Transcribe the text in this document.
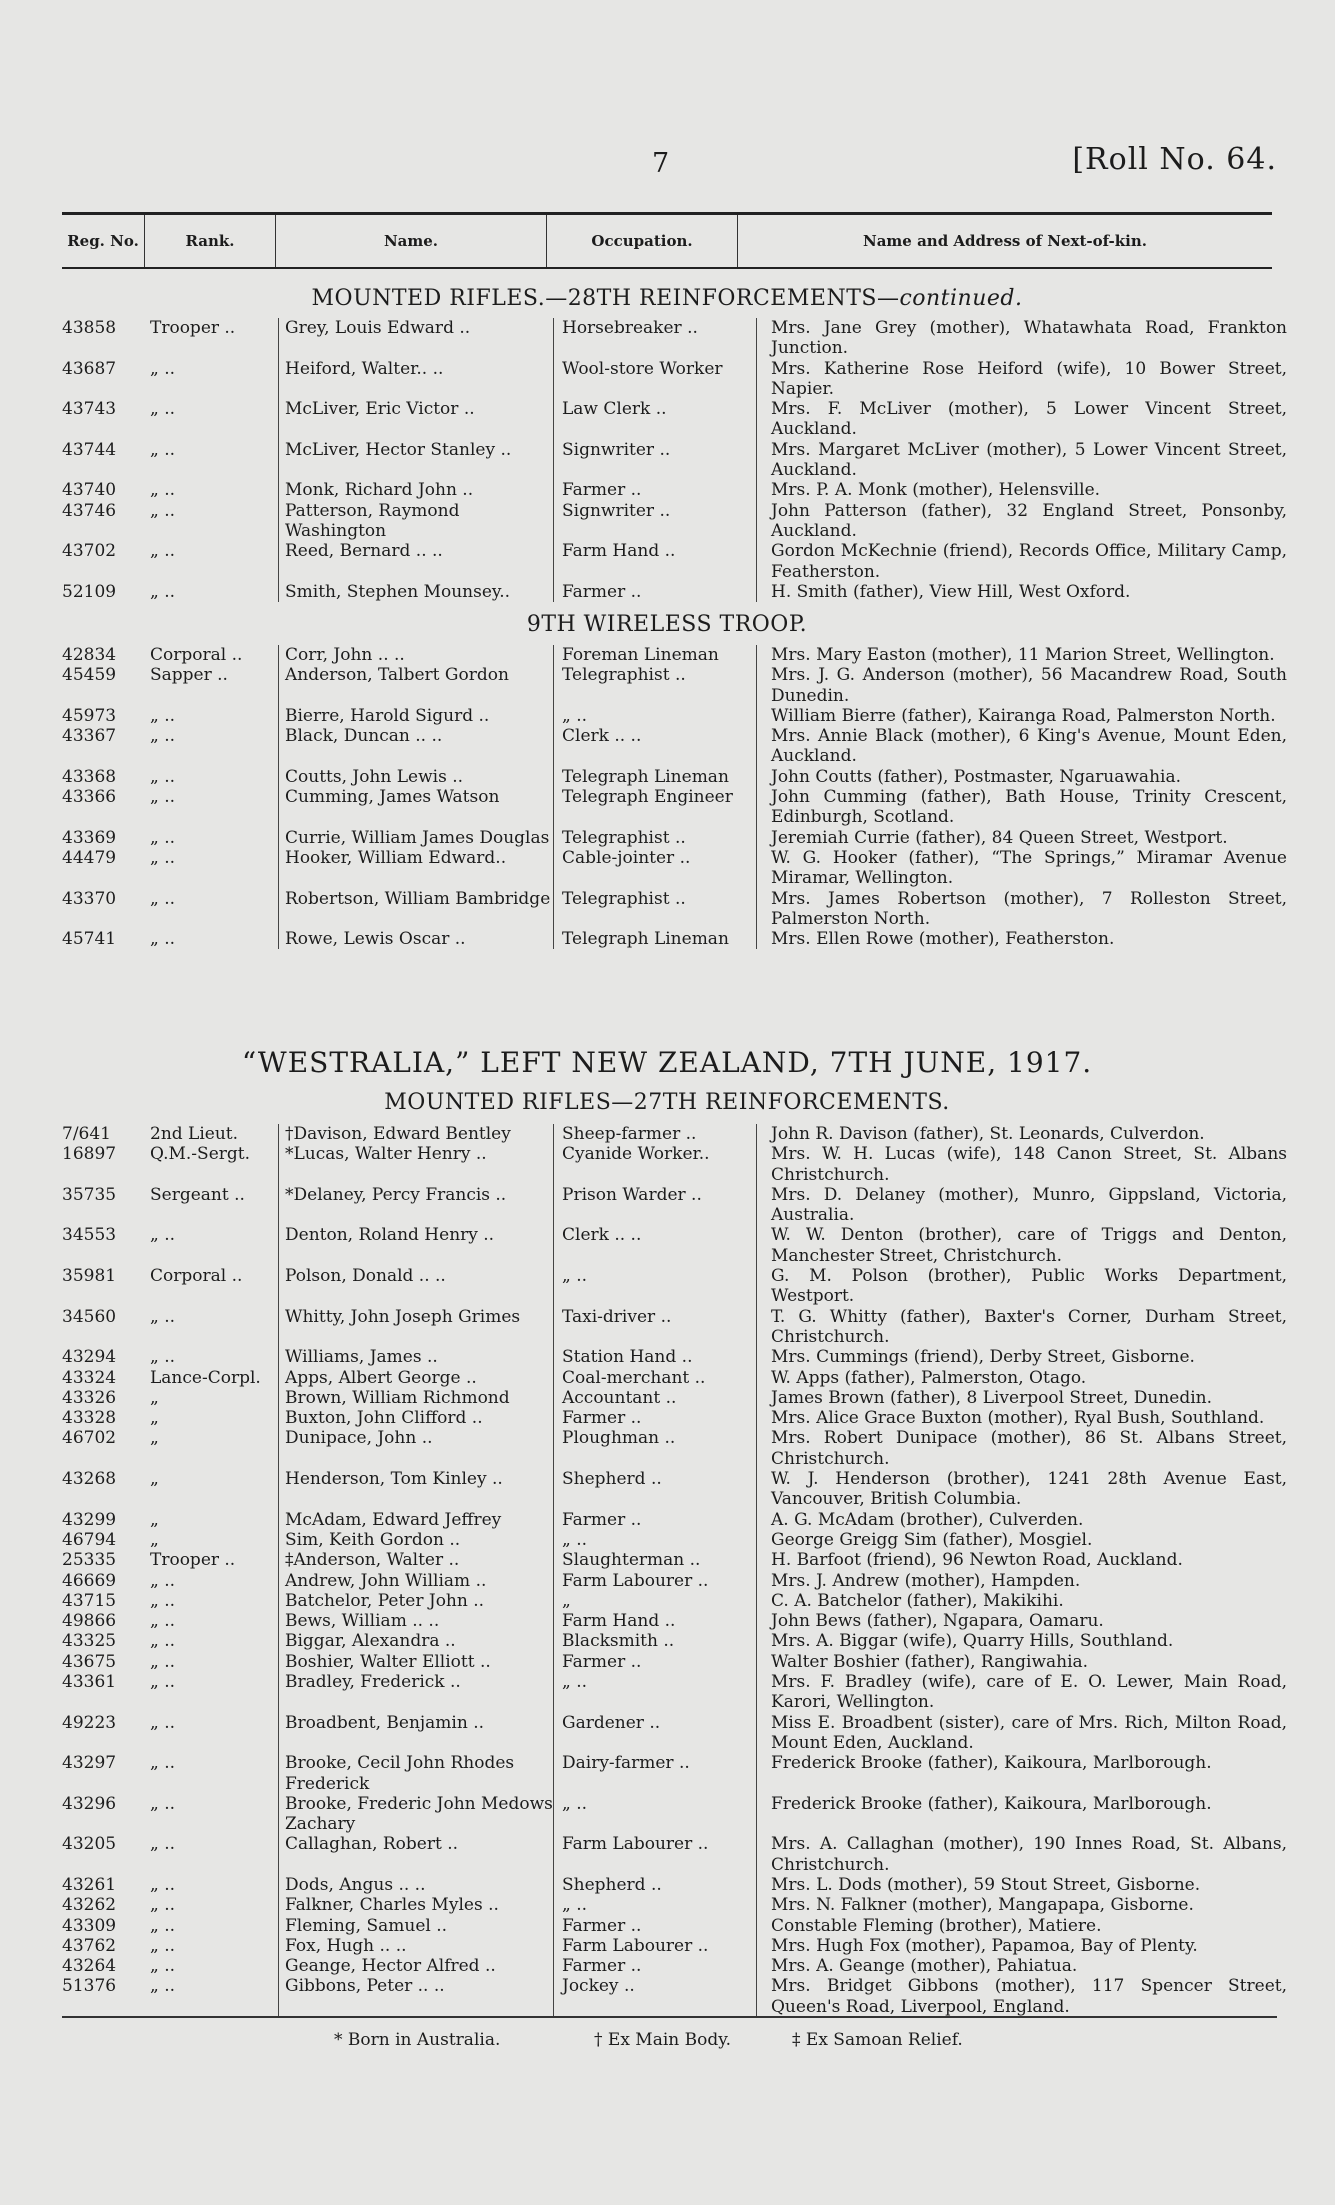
7	[Roll No. 64.
Reg. No.	Rank.	Name.	Occupation.	Name and Address of Next-of-kin.
MOUNTED RIFLES.—28TH REINFORCEMENTS—continued.
43858	Trooper ..	Grey, Louis Edward ..	Horsebreaker ..	Mrs. Jane Grey (mother), Whatawhata Road, Frankton Junction.
43687	„ ..	Heiford, Walter.. ..	Wool-store Worker	Mrs. Katherine Rose Heiford (wife), 10 Bower Street, Napier.
43743	„ ..	McLiver, Eric Victor ..	Law Clerk ..	Mrs. F. McLiver (mother), 5 Lower Vincent Street, Auckland.
43744	„ ..	McLiver, Hector Stanley ..	Signwriter ..	Mrs. Margaret McLiver (mother), 5 Lower Vincent Street, Auckland.
43740	„ ..	Monk, Richard John ..	Farmer ..	Mrs. P. A. Monk (mother), Helensville.
43746	„ ..	Patterson, Raymond Washington	Signwriter ..	John Patterson (father), 32 England Street, Ponsonby, Auckland.
43702	„ ..	Reed, Bernard .. ..	Farm Hand ..	Gordon McKechnie (friend), Records Office, Military Camp, Featherston.
52109	„ ..	Smith, Stephen Mounsey..	Farmer ..	H. Smith (father), View Hill, West Oxford.
9TH WIRELESS TROOP.
42834	Corporal ..	Corr, John .. ..	Foreman Lineman	Mrs. Mary Easton (mother), 11 Marion Street, Wellington.
45459	Sapper ..	Anderson, Talbert Gordon	Telegraphist ..	Mrs. J. G. Anderson (mother), 56 Macandrew Road, South Dunedin.
45973	„ ..	Bierre, Harold Sigurd ..	„ ..	William Bierre (father), Kairanga Road, Palmerston North.
43367	„ ..	Black, Duncan .. ..	Clerk .. ..	Mrs. Annie Black (mother), 6 King's Avenue, Mount Eden, Auckland.
43368	„ ..	Coutts, John Lewis ..	Telegraph Lineman	John Coutts (father), Postmaster, Ngaruawahia.
43366	„ ..	Cumming, James Watson	Telegraph Engineer	John Cumming (father), Bath House, Trinity Crescent, Edinburgh, Scotland.
43369	„ ..	Currie, William James Douglas	Telegraphist ..	Jeremiah Currie (father), 84 Queen Street, Westport.
44479	„ ..	Hooker, William Edward..	Cable-jointer ..	W. G. Hooker (father), “The Springs,” Miramar Avenue Miramar, Wellington.
43370	„ ..	Robertson, William Bambridge	Telegraphist ..	Mrs. James Robertson (mother), 7 Rolleston Street, Palmerston North.
45741	„ ..	Rowe, Lewis Oscar ..	Telegraph Lineman	Mrs. Ellen Rowe (mother), Featherston.
“WESTRALIA,” LEFT NEW ZEALAND, 7TH JUNE, 1917.
MOUNTED RIFLES—27TH REINFORCEMENTS.
7/641	2nd Lieut.	†Davison, Edward Bentley	Sheep-farmer ..	John R. Davison (father), St. Leonards, Culverdon.
16897	Q.M.-Sergt.	*Lucas, Walter Henry ..	Cyanide Worker..	Mrs. W. H. Lucas (wife), 148 Canon Street, St. Albans Christchurch.
35735	Sergeant ..	*Delaney, Percy Francis ..	Prison Warder ..	Mrs. D. Delaney (mother), Munro, Gippsland, Victoria, Australia.
34553	„ ..	Denton, Roland Henry ..	Clerk .. ..	W. W. Denton (brother), care of Triggs and Denton, Manchester Street, Christchurch.
35981	Corporal ..	Polson, Donald .. ..	„ ..	G. M. Polson (brother), Public Works Department, Westport.
34560	„ ..	Whitty, John Joseph Grimes	Taxi-driver ..	T. G. Whitty (father), Baxter's Corner, Durham Street, Christchurch.
43294	„ ..	Williams, James ..	Station Hand ..	Mrs. Cummings (friend), Derby Street, Gisborne.
43324	Lance-Corpl.	Apps, Albert George ..	Coal-merchant ..	W. Apps (father), Palmerston, Otago.
43326	„	Brown, William Richmond	Accountant ..	James Brown (father), 8 Liverpool Street, Dunedin.
43328	„	Buxton, John Clifford ..	Farmer ..	Mrs. Alice Grace Buxton (mother), Ryal Bush, Southland.
46702	„	Dunipace, John ..	Ploughman ..	Mrs. Robert Dunipace (mother), 86 St. Albans Street, Christchurch.
43268	„	Henderson, Tom Kinley ..	Shepherd ..	W. J. Henderson (brother), 1241 28th Avenue East, Vancouver, British Columbia.
43299	„	McAdam, Edward Jeffrey	Farmer ..	A. G. McAdam (brother), Culverden.
46794	„	Sim, Keith Gordon ..	„ ..	George Greigg Sim (father), Mosgiel.
25335	Trooper ..	‡Anderson, Walter ..	Slaughterman ..	H. Barfoot (friend), 96 Newton Road, Auckland.
46669	„ ..	Andrew, John William ..	Farm Labourer ..	Mrs. J. Andrew (mother), Hampden.
43715	„ ..	Batchelor, Peter John ..	„	C. A. Batchelor (father), Makikihi.
49866	„ ..	Bews, William .. ..	Farm Hand ..	John Bews (father), Ngapara, Oamaru.
43325	„ ..	Biggar, Alexandra ..	Blacksmith ..	Mrs. A. Biggar (wife), Quarry Hills, Southland.
43675	„ ..	Boshier, Walter Elliott ..	Farmer ..	Walter Boshier (father), Rangiwahia.
43361	„ ..	Bradley, Frederick ..	„ ..	Mrs. F. Bradley (wife), care of E. O. Lewer, Main Road, Karori, Wellington.
49223	„ ..	Broadbent, Benjamin ..	Gardener ..	Miss E. Broadbent (sister), care of Mrs. Rich, Milton Road, Mount Eden, Auckland.
43297	„ ..	Brooke, Cecil John Rhodes Frederick	Dairy-farmer ..	Frederick Brooke (father), Kaikoura, Marlborough.
43296	„ ..	Brooke, Frederic John Medows Zachary	„ ..	Frederick Brooke (father), Kaikoura, Marlborough.
43205	„ ..	Callaghan, Robert ..	Farm Labourer ..	Mrs. A. Callaghan (mother), 190 Innes Road, St. Albans, Christchurch.
43261	„ ..	Dods, Angus .. ..	Shepherd ..	Mrs. L. Dods (mother), 59 Stout Street, Gisborne.
43262	„ ..	Falkner, Charles Myles ..	„ ..	Mrs. N. Falkner (mother), Mangapapa, Gisborne.
43309	„ ..	Fleming, Samuel ..	Farmer ..	Constable Fleming (brother), Matiere.
43762	„ ..	Fox, Hugh .. ..	Farm Labourer ..	Mrs. Hugh Fox (mother), Papamoa, Bay of Plenty.
43264	„ ..	Geange, Hector Alfred ..	Farmer ..	Mrs. A. Geange (mother), Pahiatua.
51376	„ ..	Gibbons, Peter .. ..	Jockey ..	Mrs. Bridget Gibbons (mother), 117 Spencer Street, Queen's Road, Liverpool, England.
* Born in Australia.	† Ex Main Body.	‡ Ex Samoan Relief.
